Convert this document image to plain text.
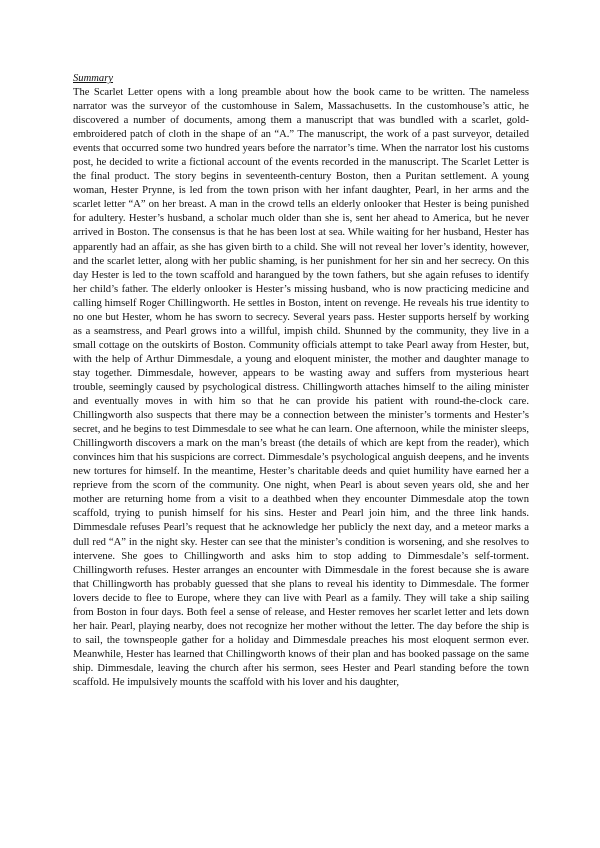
Summary

The Scarlet Letter opens with a long preamble about how the book came to be written. The nameless narrator was the surveyor of the customhouse in Salem, Massachusetts. In the customhouse’s attic, he discovered a number of documents, among them a manuscript that was bundled with a scarlet, gold-embroidered patch of cloth in the shape of an “A.” The manuscript, the work of a past surveyor, detailed events that occurred some two hundred years before the narrator’s time. When the narrator lost his customs post, he decided to write a fictional account of the events recorded in the manuscript. The Scarlet Letter is the final product. The story begins in seventeenth-century Boston, then a Puritan settlement. A young woman, Hester Prynne, is led from the town prison with her infant daughter, Pearl, in her arms and the scarlet letter “A” on her breast. A man in the crowd tells an elderly onlooker that Hester is being punished for adultery. Hester’s husband, a scholar much older than she is, sent her ahead to America, but he never arrived in Boston. The consensus is that he has been lost at sea. While waiting for her husband, Hester has apparently had an affair, as she has given birth to a child. She will not reveal her lover’s identity, however, and the scarlet letter, along with her public shaming, is her punishment for her sin and her secrecy. On this day Hester is led to the town scaffold and harangued by the town fathers, but she again refuses to identify her child’s father. The elderly onlooker is Hester’s missing husband, who is now practicing medicine and calling himself Roger Chillingworth. He settles in Boston, intent on revenge. He reveals his true identity to no one but Hester, whom he has sworn to secrecy. Several years pass. Hester supports herself by working as a seamstress, and Pearl grows into a willful, impish child. Shunned by the community, they live in a small cottage on the outskirts of Boston. Community officials attempt to take Pearl away from Hester, but, with the help of Arthur Dimmesdale, a young and eloquent minister, the mother and daughter manage to stay together. Dimmesdale, however, appears to be wasting away and suffers from mysterious heart trouble, seemingly caused by psychological distress. Chillingworth attaches himself to the ailing minister and eventually moves in with him so that he can provide his patient with round-the-clock care. Chillingworth also suspects that there may be a connection between the minister’s torments and Hester’s secret, and he begins to test Dimmesdale to see what he can learn. One afternoon, while the minister sleeps, Chillingworth discovers a mark on the man’s breast (the details of which are kept from the reader), which convinces him that his suspicions are correct. Dimmesdale’s psychological anguish deepens, and he invents new tortures for himself. In the meantime, Hester’s charitable deeds and quiet humility have earned her a reprieve from the scorn of the community. One night, when Pearl is about seven years old, she and her mother are returning home from a visit to a deathbed when they encounter Dimmesdale atop the town scaffold, trying to punish himself for his sins. Hester and Pearl join him, and the three link hands. Dimmesdale refuses Pearl’s request that he acknowledge her publicly the next day, and a meteor marks a dull red “A” in the night sky. Hester can see that the minister’s condition is worsening, and she resolves to intervene. She goes to Chillingworth and asks him to stop adding to Dimmesdale’s self-torment. Chillingworth refuses. Hester arranges an encounter with Dimmesdale in the forest because she is aware that Chillingworth has probably guessed that she plans to reveal his identity to Dimmesdale. The former lovers decide to flee to Europe, where they can live with Pearl as a family. They will take a ship sailing from Boston in four days. Both feel a sense of release, and Hester removes her scarlet letter and lets down her hair. Pearl, playing nearby, does not recognize her mother without the letter. The day before the ship is to sail, the townspeople gather for a holiday and Dimmesdale preaches his most eloquent sermon ever. Meanwhile, Hester has learned that Chillingworth knows of their plan and has booked passage on the same ship. Dimmesdale, leaving the church after his sermon, sees Hester and Pearl standing before the town scaffold. He impulsively mounts the scaffold with his lover and his daughter,
